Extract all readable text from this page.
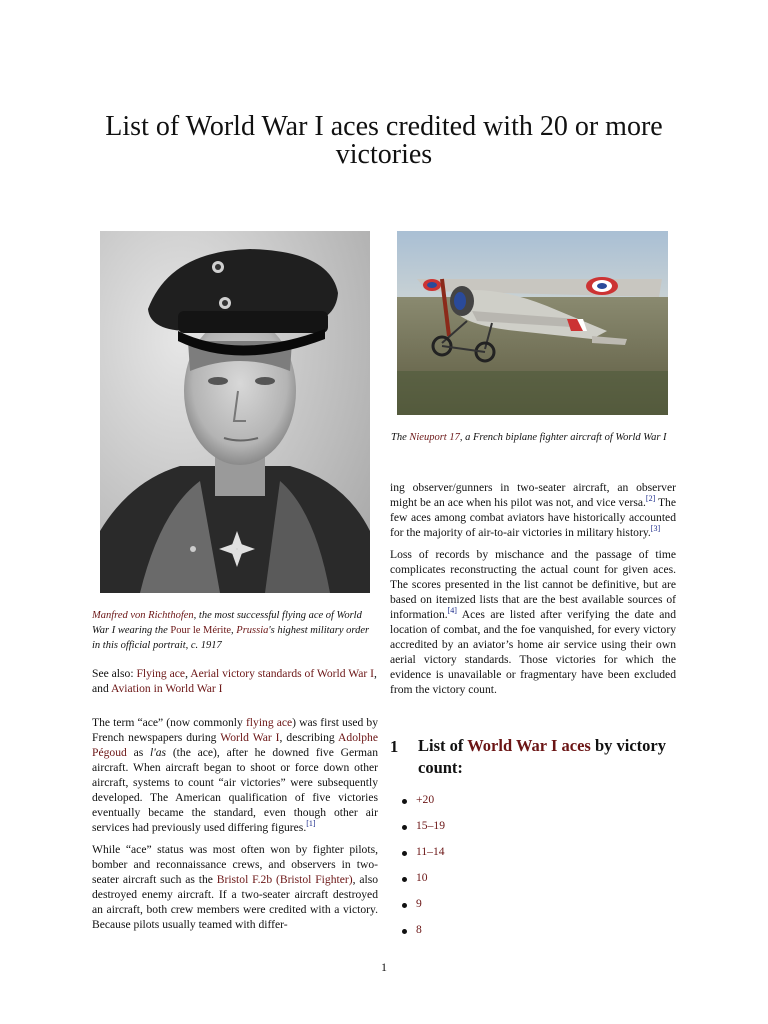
List of World War I aces credited with 20 or more victories
The Nieuport 17, a French biplane fighter aircraft of World War I
Manfred von Richthofen, the most successful flying ace of World War I wearing the Pour le Mérite, Prussia's highest military order in this official portrait, c. 1917
See also: Flying ace, Aerial victory standards of World War I, and Aviation in World War I

The term “ace” (now commonly flying ace) was first used by French newspapers during World War I, describing Adolphe Pégoud as l'as (the ace), after he downed five German aircraft. When aircraft began to shoot or force down other aircraft, systems to count “air victories” were subsequently developed. The American qualification of five victories eventually became the standard, even though other air services had previously used differing figures.[1]

While “ace” status was most often won by fighter pilots, bomber and reconnaissance crews, and observers in two-seater aircraft such as the Bristol F.2b (Bristol Fighter), also destroyed enemy aircraft. If a two-seater aircraft destroyed an aircraft, both crew members were credited with a victory. Because pilots usually teamed with differ-

ing observer/gunners in two-seater aircraft, an observer might be an ace when his pilot was not, and vice versa.[2] The few aces among combat aviators have historically accounted for the majority of air-to-air victories in military history.[3]

Loss of records by mischance and the passage of time complicates reconstructing the actual count for given aces. The scores presented in the list cannot be definitive, but are based on itemized lists that are the best available sources of information.[4] Aces are listed after verifying the date and location of combat, and the foe vanquished, for every victory accredited by an aviator’s home air service using their own aerial victory standards. Those victories for which the evidence is unavailable or fragmentary have been excluded from the victory count.

1 List of World War I aces by victory count:
+20
15–19
11–14
10
9
8
1
